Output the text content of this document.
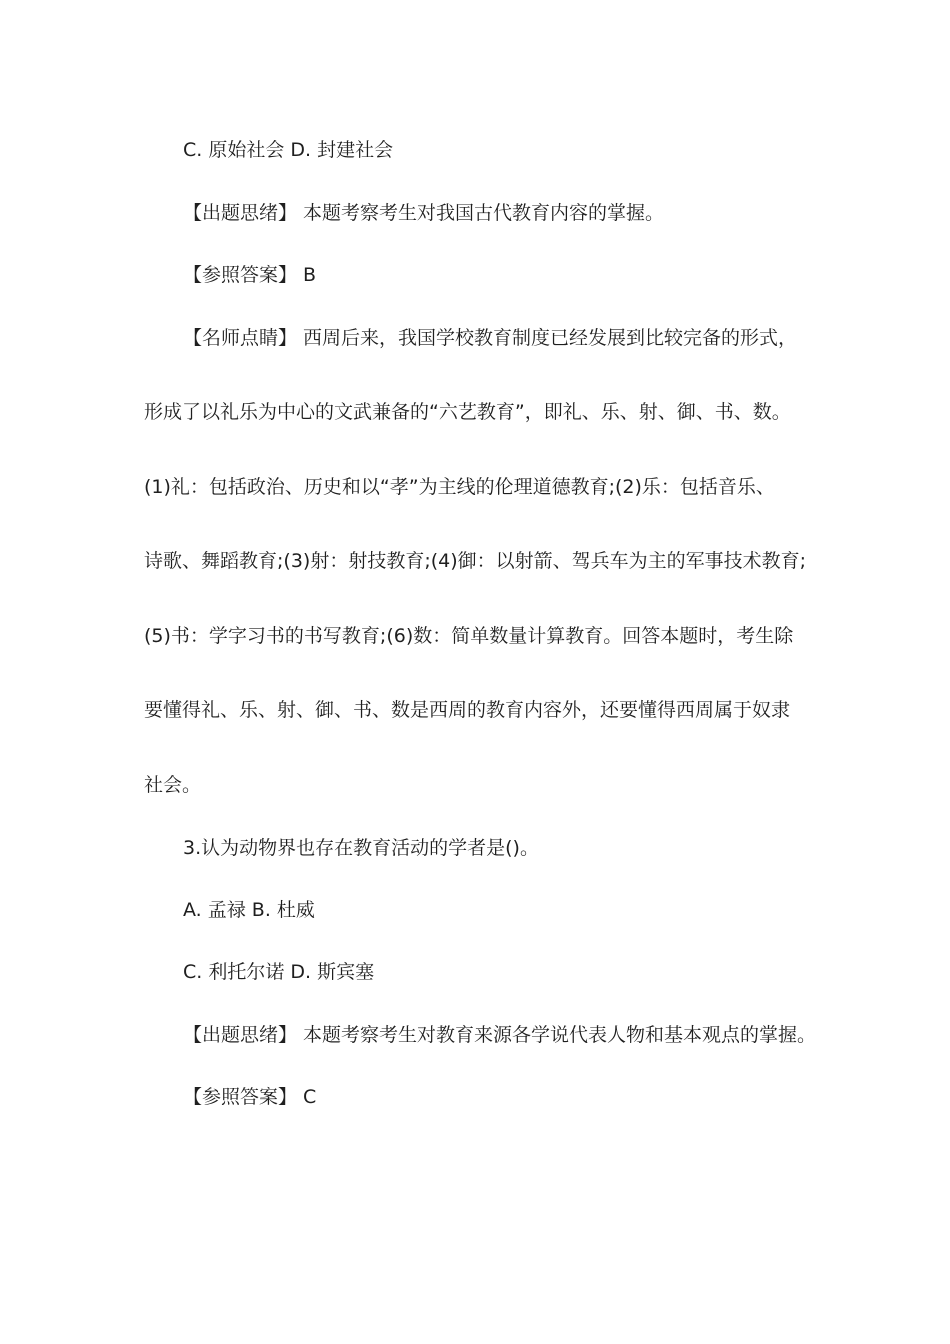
C. 原始社会 D. 封建社会
【出题思绪】 本题考察考生对我国古代教育内容的掌握。
【参照答案】 B
【名师点睛】 西周后来，我国学校教育制度已经发展到比较完备的形式，
形成了以礼乐为中心的文武兼备的“六艺教育”，即礼、乐、射、御、书、数。
(1)礼：包括政治、历史和以“孝”为主线的伦理道德教育;(2)乐：包括音乐、
诗歌、舞蹈教育;(3)射：射技教育;(4)御：以射箭、驾兵车为主的军事技术教育;
(5)书：学字习书的书写教育;(6)数：简单数量计算教育。回答本题时，考生除
要懂得礼、乐、射、御、书、数是西周的教育内容外，还要懂得西周属于奴隶
社会。
3.认为动物界也存在教育活动的学者是()。
A. 孟禄 B. 杜威
C. 利托尔诺 D. 斯宾塞
【出题思绪】 本题考察考生对教育来源各学说代表人物和基本观点的掌握。
【参照答案】 C
